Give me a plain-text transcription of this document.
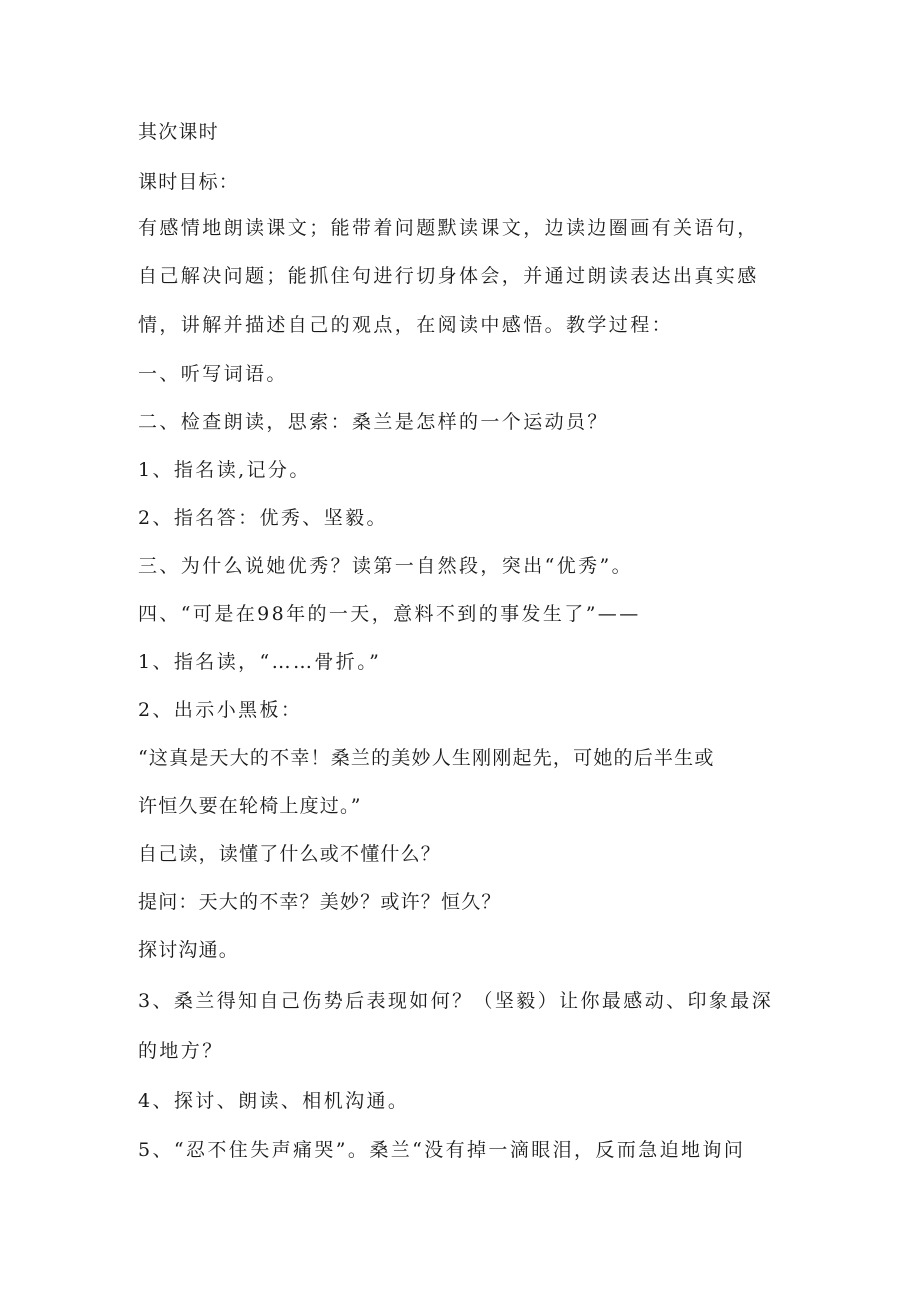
其次课时
课时目标：
有感情地朗读课文；能带着问题默读课文，边读边圈画有关语句，
自己解决问题；能抓住句进行切身体会，并通过朗读表达出真实感
情，讲解并描述自己的观点，在阅读中感悟。教学过程：
一、听写词语。
二、检查朗读，思索：桑兰是怎样的一个运动员？
1、指名读,记分。
2、指名答：优秀、坚毅。
三、为什么说她优秀？读第一自然段，突出“优秀”。
四、“可是在98年的一天，意料不到的事发生了”——
1、指名读，“……骨折。”
2、出示小黑板：
“这真是天大的不幸！桑兰的美妙人生刚刚起先，可她的后半生或
许恒久要在轮椅上度过。”
自己读，读懂了什么或不懂什么？
提问：天大的不幸？美妙？或许？恒久？
探讨沟通。
3、桑兰得知自己伤势后表现如何？（坚毅）让你最感动、印象最深
的地方？
4、探讨、朗读、相机沟通。
5、“忍不住失声痛哭”。桑兰“没有掉一滴眼泪，反而急迫地询问
